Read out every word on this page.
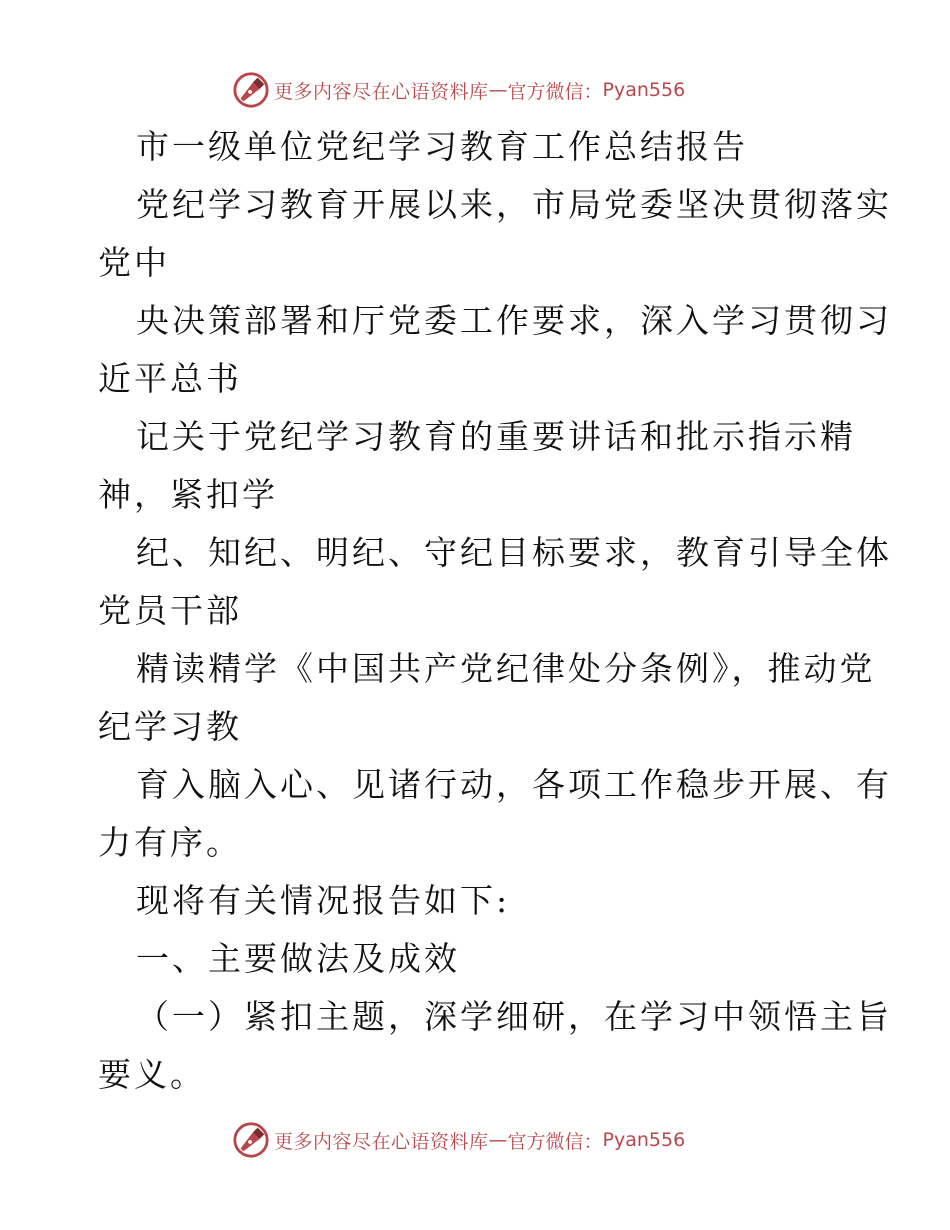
更多内容尽在心语资料库 — 官方微信： Pyan556
市一级单位党纪学习教育工作总结报告
党纪学习教育开展以来，市局党委坚决贯彻落实
党中
央决策部署和厅党委工作要求，深入学习贯彻习
近平总书
记关于党纪学习教育的重要讲话和批示指示精
神，紧扣学
纪、知纪、明纪、守纪目标要求，教育引导全体
党员干部
精读精学《中国共产党纪律处分条例》，推动党
纪学习教
育入脑入心、见诸行动，各项工作稳步开展、有
力有序。
现将有关情况报告如下:
一、主要做法及成效
（一）紧扣主题，深学细研，在学习中领悟主旨
要义。
更多内容尽在心语资料库 — 官方微信： Pyan556
